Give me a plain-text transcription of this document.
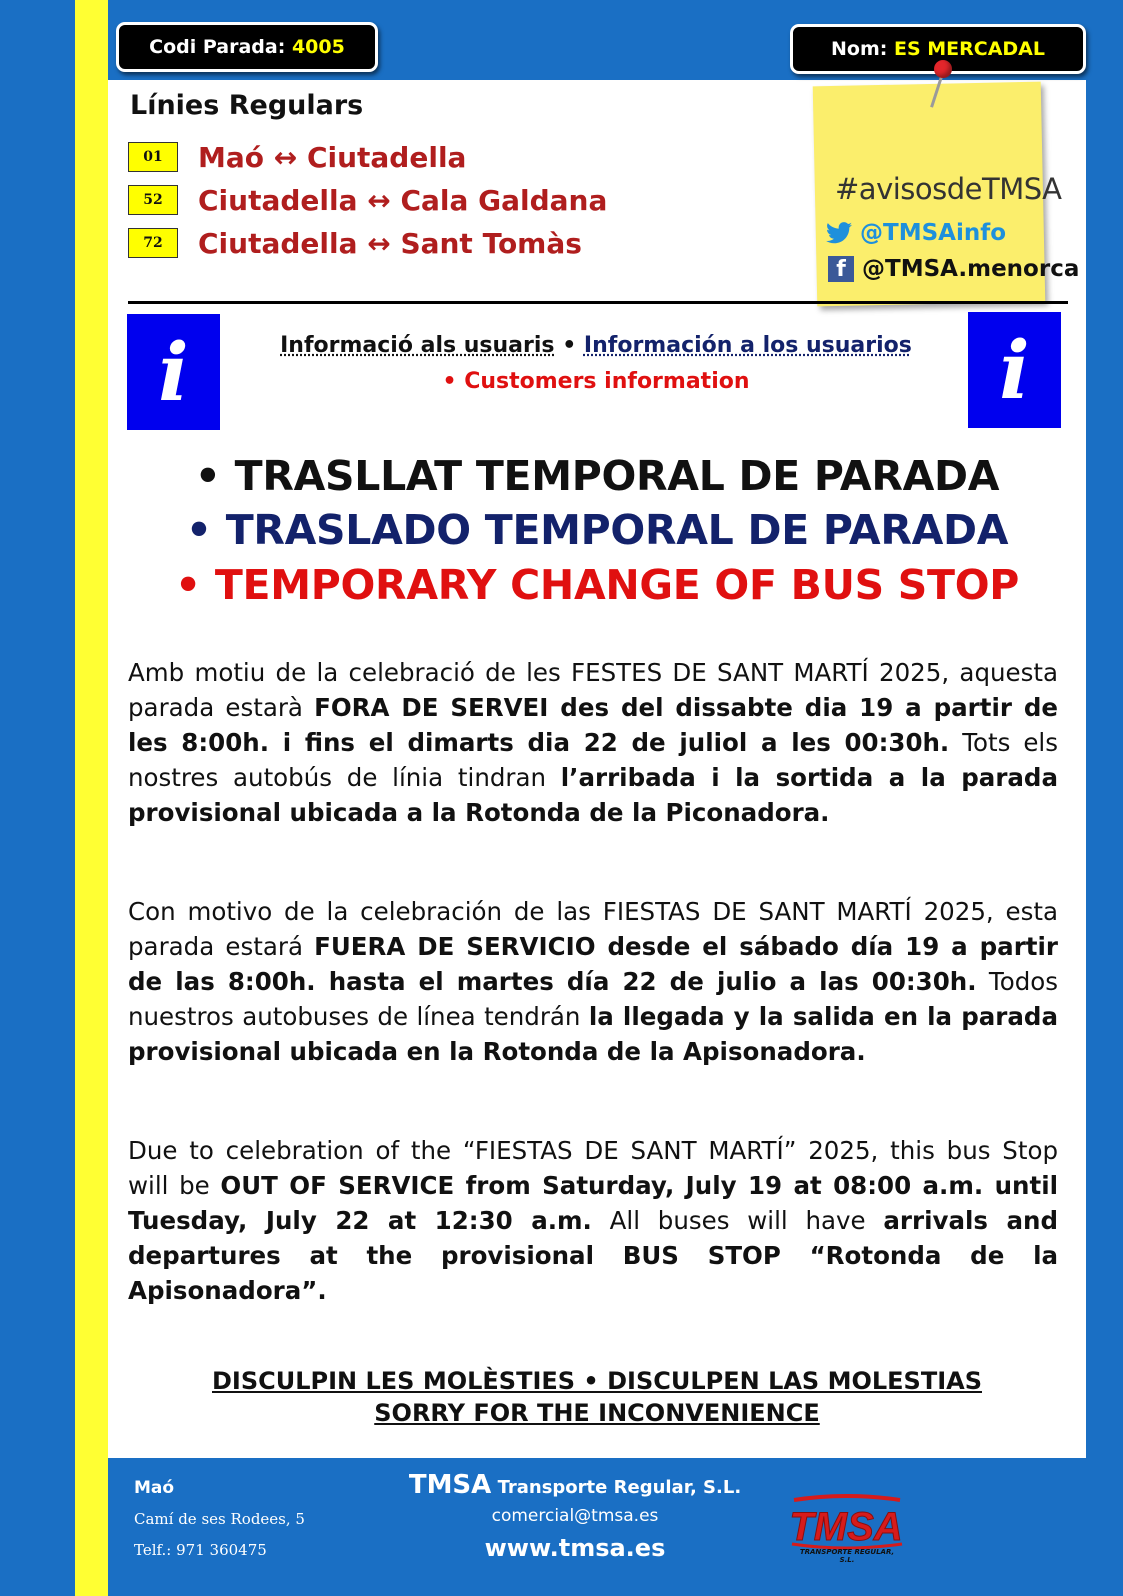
Codi Parada:
4005	Nom:
ES MERCADAL
Línies Regulars
01	Maó ↔ Ciutadella
52	Ciutadella ↔ Cala Galdana
72	Ciutadella ↔ Sant Tomàs
#avisosdeTMSA
@TMSAinfo
f @TMSA.menorca
i	i
Informació als usuaris • Información a los usuarios
• Customers information
• TRASLLAT TEMPORAL DE PARADA
• TRASLADO TEMPORAL DE PARADA
• TEMPORARY CHANGE OF BUS STOP
Amb motiu de la celebració de les FESTES DE SANT MARTÍ 2025, aquesta parada estarà FORA DE SERVEI des del dissabte dia 19 a partir de les 8:00h. i fins el dimarts dia 22 de juliol a les 00:30h. Tots els nostres autobús de línia tindran l’arribada i la sortida a la parada provisional ubicada a la Rotonda de la Piconadora.
Con motivo de la celebración de las FIESTAS DE SANT MARTÍ 2025, esta parada estará FUERA DE SERVICIO desde el sábado día 19 a partir de las 8:00h. hasta el martes día 22 de julio a las 00:30h. Todos nuestros autobuses de línea tendrán la llegada y la salida en la parada provisional ubicada en la Rotonda de la Apisonadora.
Due to celebration of the “FIESTAS DE SANT MARTÍ” 2025, this bus Stop will be OUT OF SERVICE from Saturday, July 19 at 08:00 a.m. until Tuesday, July 22 at 12:30 a.m. All buses will have arrivals and departures at the provisional BUS STOP “Rotonda de la Apisonadora”.
DISCULPIN LES MOLÈSTIES • DISCULPEN LAS MOLESTIAS
SORRY FOR THE INCONVENIENCE
Maó
Camí de ses Rodees, 5
Telf.: 971 360475
TMSA Transporte Regular, S.L.
comercial@tmsa.es
www.tmsa.es	TMSA
TRANSPORTE REGULAR, S.L.
